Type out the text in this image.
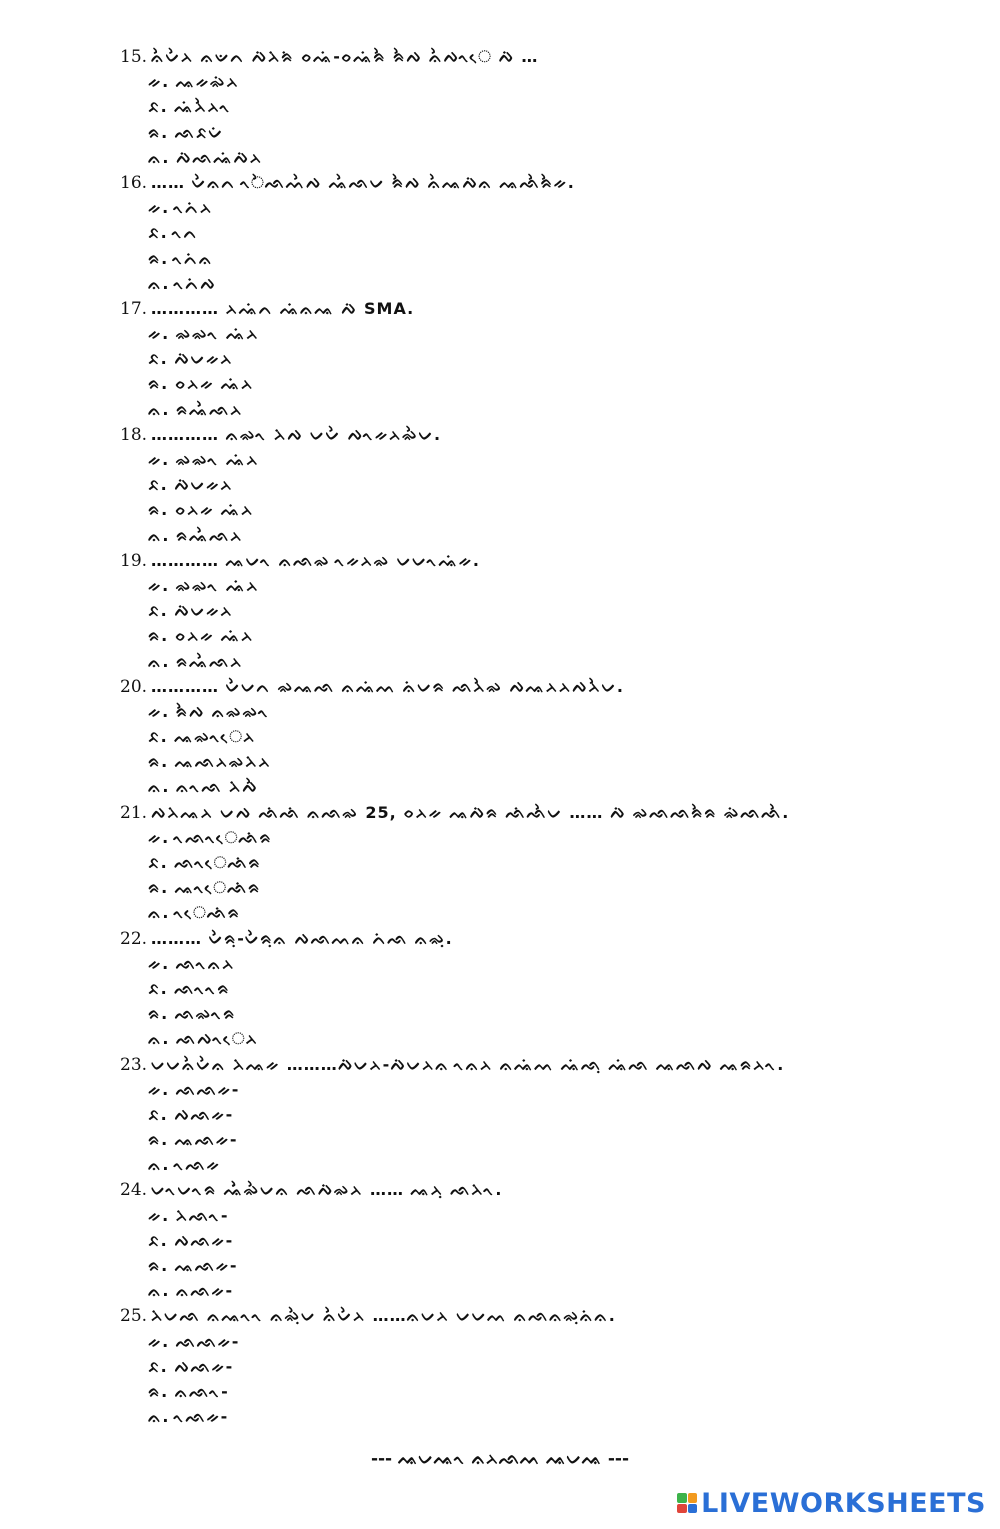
15. ᨊᨛᨆᨛᨂ ᨊᨉᨈ ᨄᨗᨂᨗᨑᨗ ᨔᨕᨗ-ᨔᨕᨗᨑᨛ ᨑᨛᨄ ᨊᨛᨄᨚᨙ ᨄᨗ …
ᨀ. ᨕᨀᨋᨗᨂ
ᨅ. ᨕᨗᨂᨛᨂᨚ
ᨑ. ᨒᨅᨆᨗ
ᨊ. ᨄᨗᨒᨕᨗᨄᨗᨂ
16. …… ᨆᨛᨊᨈ ᨚᨛᨒᨓᨛᨄ ᨕᨛᨒᨆ ᨑᨛᨄ ᨊᨛᨕᨄᨗᨊ ᨕᨒᨛᨑᨛᨀ.
ᨀ. ᨚᨈᨗᨂ
ᨅ. ᨚᨈ
ᨑ. ᨚᨈᨗᨊ
ᨊ. ᨚᨈᨗᨄ
17. ………… ᨂᨕᨗᨈ ᨕᨗᨊᨕ ᨄᨗ SMA.
ᨀ. ᨋᨋᨚ ᨕᨗᨂ
ᨅ. ᨄᨗᨆᨀᨂ
ᨑ. ᨔᨂᨀ ᨕᨗᨂ
ᨊ. ᨑᨕᨛᨒᨂ
18. ………… ᨊᨋᨚ ᨂᨗᨄ ᨆᨆᨛ ᨄᨚᨀᨂᨋᨛᨆ.
ᨀ. ᨋᨋᨚ ᨕᨗᨂ
ᨅ. ᨄᨗᨆᨀᨂ
ᨑ. ᨔᨂᨀ ᨕᨗᨂ
ᨊ. ᨑᨕᨛᨒᨂ
19. ………… ᨕᨆᨚ ᨊᨒᨋ ᨚᨀᨂᨋ ᨆᨆᨚᨕᨗᨀ.
ᨀ. ᨋᨋᨚ ᨕᨗᨂ
ᨅ. ᨄᨗᨆᨀᨂ
ᨑ. ᨔᨂᨀ ᨕᨗᨂ
ᨊ. ᨑᨕᨛᨒᨂ
20. ………… ᨆᨛᨆᨈ ᨋᨕᨒ ᨊᨕᨗᨓ ᨊᨗᨆᨑ ᨒᨂᨛᨋ ᨄᨕᨂᨂᨄᨂᨛᨆ.
ᨀ. ᨑᨛᨄ ᨊᨋᨋᨚ
ᨅ. ᨕᨋᨚᨙᨂ
ᨑ. ᨕᨒᨂᨋᨂᨗᨂ
ᨊ. ᨊᨚᨒ ᨂᨗᨄᨛ
21. ᨄᨂᨗᨕᨂ ᨆᨄ ᨒᨗᨒᨗ ᨊᨒᨋ 25, ᨔᨂᨀ ᨕᨄᨗᨑ ᨒᨗᨒᨛᨆ …… ᨄᨗ ᨋᨒᨒᨑᨛᨑ ᨋᨗᨒᨒᨛ.
ᨀ. ᨚᨒᨚᨙᨒᨗᨑ
ᨅ. ᨒᨚᨙᨒᨗᨑ
ᨑ. ᨕᨚᨙᨒᨗᨑ
ᨊ. ᨚᨙᨒᨗᨑ
22. ……… ᨆᨛᨑᨘ-ᨆᨛᨑᨘᨊ ᨄᨒᨓᨊ ᨈᨗᨒ ᨊᨋᨘ.
ᨀ. ᨒᨚᨊᨂ
ᨅ. ᨒᨚᨚᨑ
ᨑ. ᨒᨋᨚᨑ
ᨊ. ᨒᨄᨚᨙᨂ
23. ᨆᨆᨊᨛᨆᨛᨊ ᨂᨗᨕᨀ ………ᨄᨗᨆᨂ-ᨄᨗᨆᨂᨊ ᨚᨊᨂ ᨊᨕᨗᨓ ᨕᨗᨒᨘ ᨕᨗᨒ ᨕᨒᨄ ᨕᨑᨂᨚ.
ᨀ. ᨒᨒᨀ-
ᨅ. ᨄᨒᨀ-
ᨑ. ᨕᨒᨀ-
ᨊ. ᨚᨒᨀ
24. ᨆᨚᨆᨚᨑ ᨕᨛᨗᨋᨛᨆᨊ ᨒᨄᨗᨋᨂ …… ᨕᨂᨘ ᨒᨂᨗᨚ.
ᨀ. ᨂᨗᨒᨚ-
ᨅ. ᨄᨒᨀ-
ᨑ. ᨕᨒᨀ-
ᨊ. ᨊᨒᨀ-
25. ᨂᨗᨆᨒ ᨊᨕᨚᨚ ᨊᨋᨘᨛᨆ ᨊᨛᨆᨛᨂ ……ᨊᨆᨂ ᨆᨆᨓ ᨊᨒᨊᨋᨘᨊᨗᨊ.
ᨀ. ᨒᨒᨀ-
ᨅ. ᨄᨒᨀ-
ᨑ. ᨊᨒᨚ-
ᨊ. ᨚᨒᨀ-
--- ᨕᨆᨕᨚ ᨊᨂᨒᨓ ᨕᨆᨕ ---
LIVEWORKSHEETS
